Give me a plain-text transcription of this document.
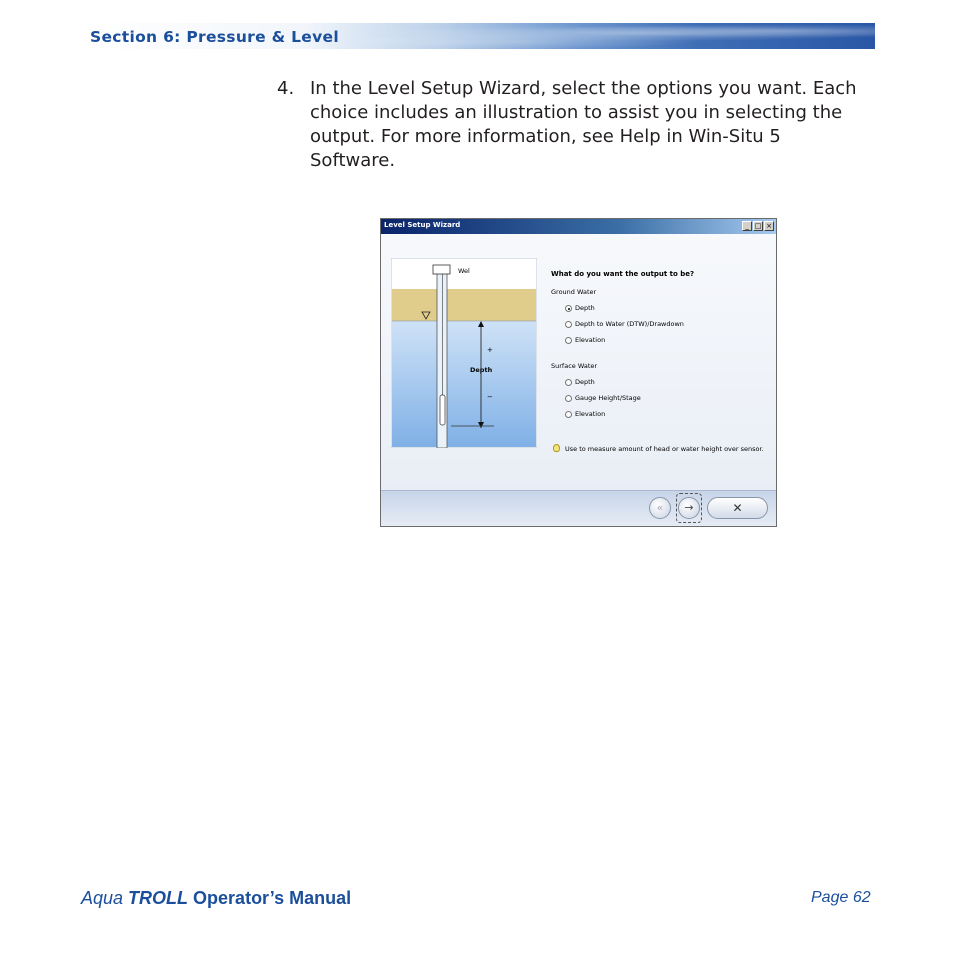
Section 6: Pressure & Level
4. In the Level Setup Wizard, select the options you want. Each choice includes an illustration to assist you in selecting the output. For more information, see Help in Win-Situ 5 Software.
Level Setup Wizard	_ □ ×
Wel
Depth
+
−
What do you want the output to be?
Ground Water
Depth
Depth to Water (DTW)/Drawdown
Elevation
Surface Water
Depth
Gauge Height/Stage
Elevation
Use to measure amount of head or water height over sensor.
«	→	✕
Aqua TROLL Operator’s Manual	Page 62
